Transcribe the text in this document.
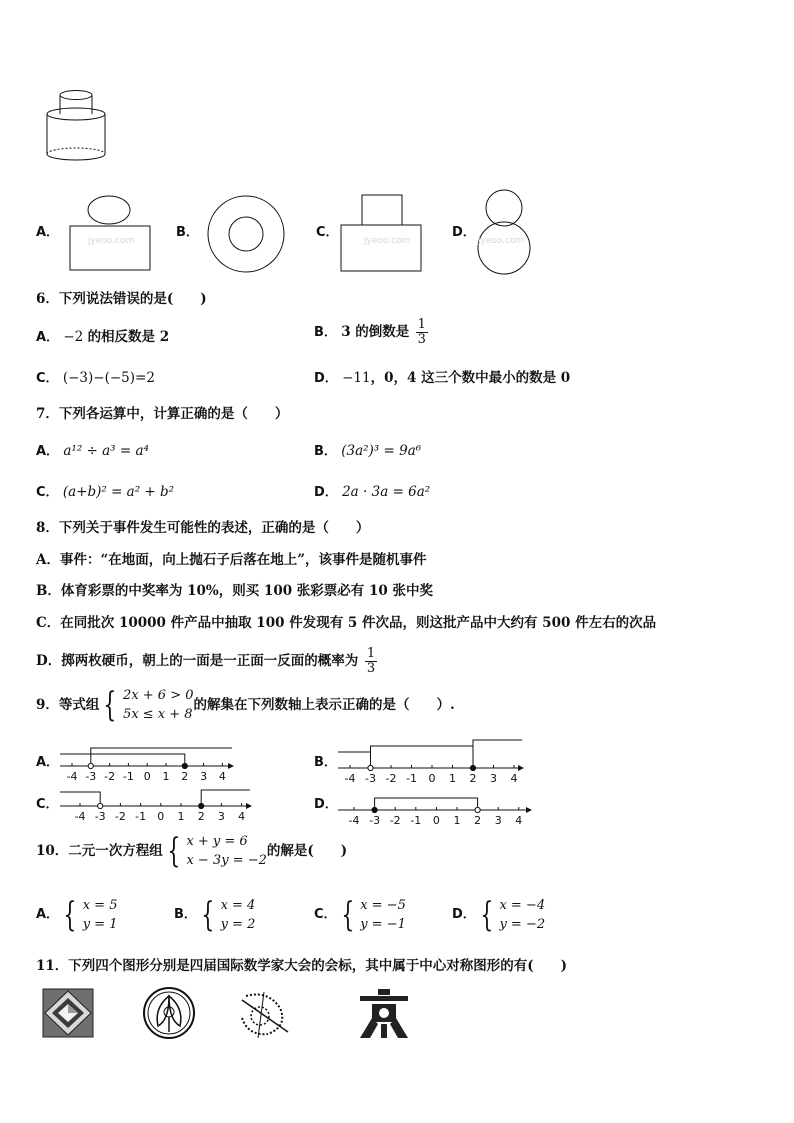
A．	B．	C．	D．
jyeoo.com	jyeoo.com	jyeoo.com
6．下列说法错误的是(　　)
A． −2 的相反数是 2	B． 3 的倒数是 $\frac{1}{3}$
C． (−3)−(−5)=2	D． −11，0，4 这三个数中最小的数是 0
7．下列各运算中，计算正确的是（　　）
A． a¹² ÷ a³ = a⁴	B． (3a²)³ = 9a⁶
C． (a+b)² = a² + b²	D． 2a · 3a = 6a²
8．下列关于事件发生可能性的表述，正确的是（　　）
A．事件：“在地面，向上抛石子后落在地上”，该事件是随机事件
B．体育彩票的中奖率为 10%，则买 100 张彩票必有 10 张中奖
C．在同批次 10000 件产品中抽取 100 件发现有 5 件次品，则这批产品中大约有 500 件左右的次品
D．掷两枚硬币，朝上的一面是一正面一反面的概率为 $\frac{1}{3}$
9．等式组 { 2x + 6 > 0
5x ≤ x + 8
的解集在下列数轴上表示正确的是（　　）.
A．	B．
C．	D．
-4 -3 -2 -1 0 1 2 3 4	-4 -3 -2 -1 0 1 2 3 4
-4 -3 -2 -1 0 1 2 3 4	-4 -3 -2 -1 0 1 2 3 4
10．二元一次方程组 { x + y = 6
x − 3y = −2
的解是(　　)
A． { x = 5
y = 1
B． { x = 4
y = 2
C． { x = −5
y = −1
D． { x = −4
y = −2
11．下列四个图形分别是四届国际数学家大会的会标，其中属于中心对称图形的有(　　)
